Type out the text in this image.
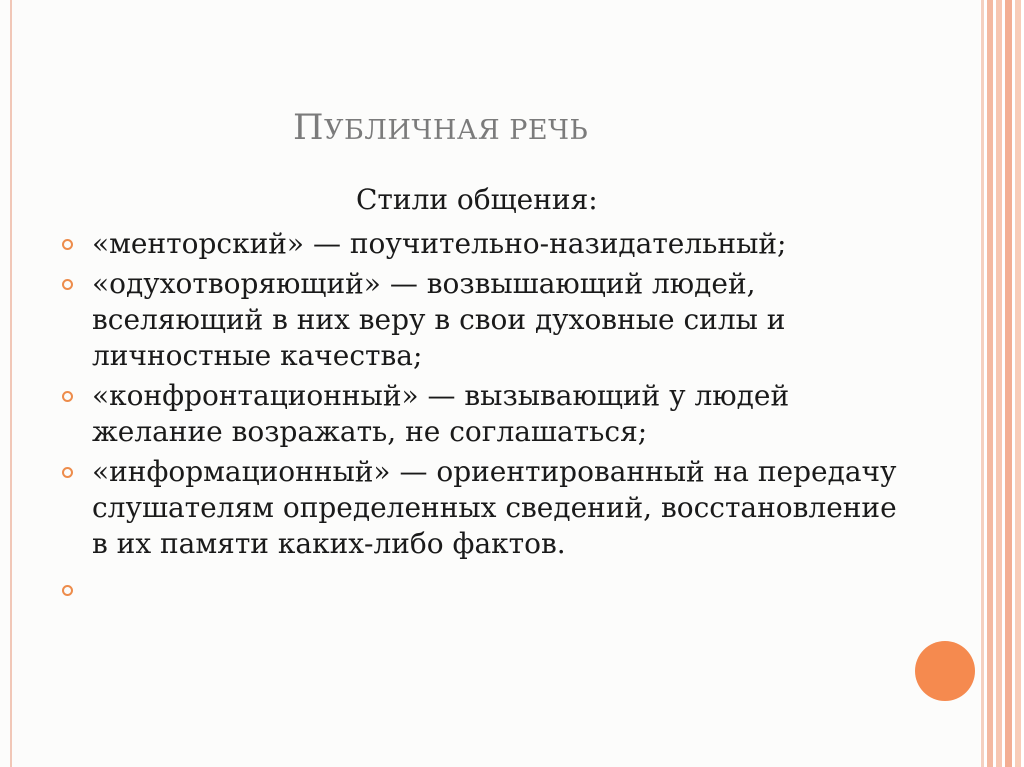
ПУБЛИЧНАЯ РЕЧЬ
Стили общения:
«менторский» — поучительно-назидательный;
«одухотворяющий» — возвышающий людей, вселяющий в них веру в свои духовные силы и личностные качества;
«конфронтационный» — вызывающий у людей желание возражать, не соглашаться;
«информационный» — ориентированный на передачу слушателям определенных сведений, восстановление в их памяти каких-либо фактов.
